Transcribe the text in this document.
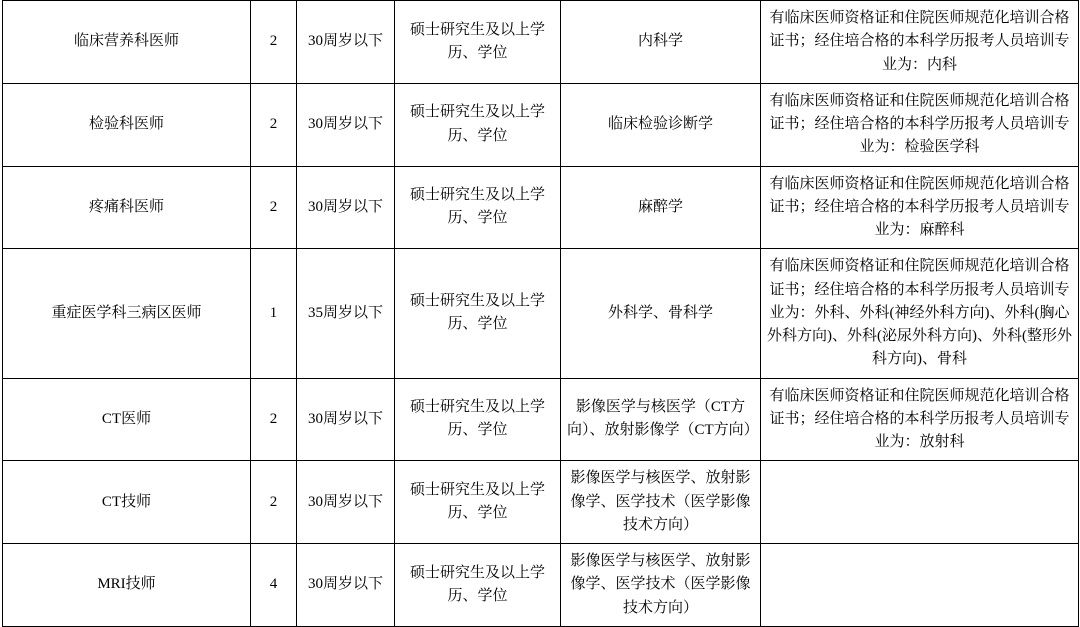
临床营养科医师	2	30周岁以下	硕士研究生及以上学历、学位	内科学	有临床医师资格证和住院医师规范化培训合格证书；经住培合格的本科学历报考人员培训专业为：内科
检验科医师	2	30周岁以下	硕士研究生及以上学历、学位	临床检验诊断学	有临床医师资格证和住院医师规范化培训合格证书；经住培合格的本科学历报考人员培训专业为：检验医学科
疼痛科医师	2	30周岁以下	硕士研究生及以上学历、学位	麻醉学	有临床医师资格证和住院医师规范化培训合格证书；经住培合格的本科学历报考人员培训专业为：麻醉科
重症医学科三病区医师	1	35周岁以下	硕士研究生及以上学历、学位	外科学、骨科学	有临床医师资格证和住院医师规范化培训合格证书；经住培合格的本科学历报考人员培训专业为：外科、外科(神经外科方向)、外科(胸心外科方向)、外科(泌尿外科方向)、外科(整形外科方向)、骨科
CT医师	2	30周岁以下	硕士研究生及以上学历、学位	影像医学与核医学（CT方向）、放射影像学（CT方向）	有临床医师资格证和住院医师规范化培训合格证书；经住培合格的本科学历报考人员培训专业为：放射科
CT技师	2	30周岁以下	硕士研究生及以上学历、学位	影像医学与核医学、放射影像学、医学技术（医学影像技术方向）	
MRI技师	4	30周岁以下	硕士研究生及以上学历、学位	影像医学与核医学、放射影像学、医学技术（医学影像技术方向）	
